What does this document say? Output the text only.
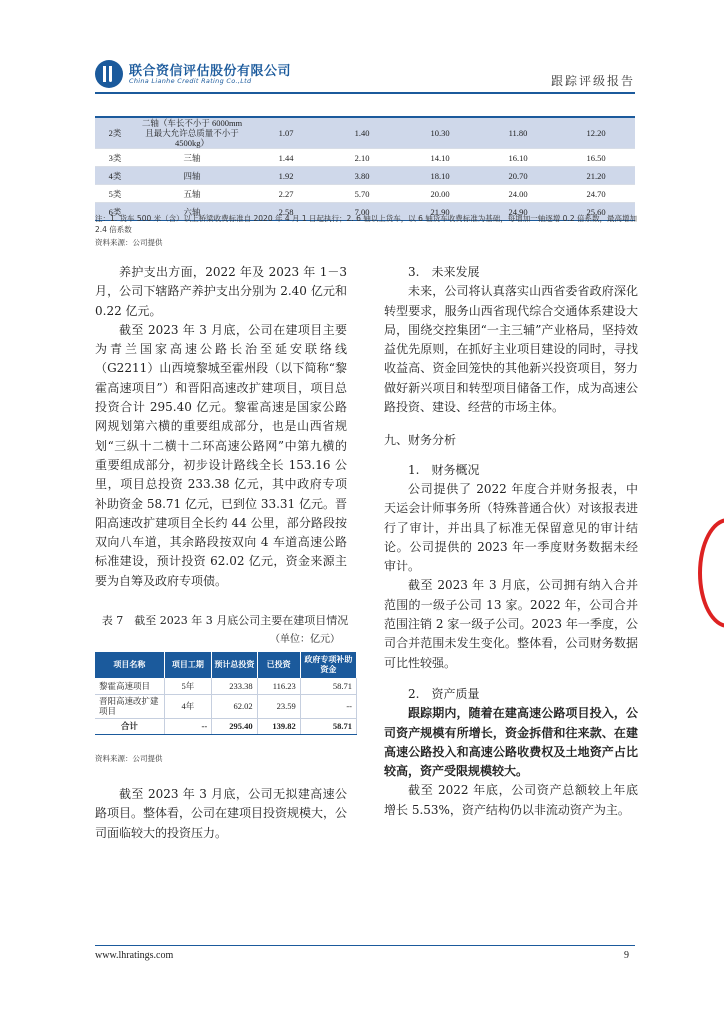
联合资信评估股份有限公司
China Lianhe Credit Rating Co.,Ltd	跟踪评级报告
2类	二轴（车长不小于 6000mm 且最大允许总质量不小于 4500kg）	1.07	1.40	10.30	11.80	12.20
3类	三轴	1.44	2.10	14.10	16.10	16.50
4类	四轴	1.92	3.80	18.10	20.70	21.20
5类	五轴	2.27	5.70	20.00	24.00	24.70
6类	六轴	2.58	7.00	21.90	24.90	25.60
注：1. 货车 500 米（含）以上桥梁收费标准自 2020 年 4 月 1 日起执行；2. 6 轴以上货车，以 6 轴货车收费标准为基础，每增加一轴逐增 0.2 倍系数，最高增加 2.4 倍系数
资料来源：公司提供

养护支出方面，2022 年及 2023 年 1－3 月，公司下辖路产养护支出分别为 2.40 亿元和 0.22 亿元。

截至 2023 年 3 月底，公司在建项目主要为青兰国家高速公路长治至延安联络线（G2211）山西境黎城至霍州段（以下简称“黎霍高速项目”）和晋阳高速改扩建项目，项目总投资合计 295.40 亿元。黎霍高速是国家公路网规划第六横的重要组成部分，也是山西省规划“三纵十二横十二环高速公路网”中第九横的重要组成部分，初步设计路线全长 153.16 公里，项目总投资 233.38 亿元，其中政府专项补助资金 58.71 亿元，已到位 33.31 亿元。晋阳高速改扩建项目全长约 44 公里，部分路段按双向八车道，其余路段按双向 4 车道高速公路标准建设，预计投资 62.02 亿元，资金来源主要为自筹及政府专项债。

表 7　截至 2023 年 3 月底公司主要在建项目情况
（单位：亿元）
项目名称	项目工期	预计总投资	已投资	政府专项补助资金
黎霍高速项目	5年	233.38	116.23	58.71
晋阳高速改扩建项目	4年	62.02	23.59	--
合计	--	295.40	139.82	58.71
资料来源：公司提供

截至 2023 年 3 月底，公司无拟建高速公路项目。整体看，公司在建项目投资规模大，公司面临较大的投资压力。

3.　未来发展

未来，公司将认真落实山西省委省政府深化转型要求，服务山西省现代综合交通体系建设大局，围绕交控集团“一主三辅”产业格局，坚持效益优先原则，在抓好主业项目建设的同时，寻找收益高、资金回笼快的其他新兴投资项目，努力做好新兴项目和转型项目储备工作，成为高速公路投资、建设、经营的市场主体。

九、财务分析
1.　财务概况

公司提供了 2022 年度合并财务报表，中天运会计师事务所（特殊普通合伙）对该报表进行了审计，并出具了标准无保留意见的审计结论。公司提供的 2023 年一季度财务数据未经审计。

截至 2023 年 3 月底，公司拥有纳入合并范围的一级子公司 13 家。2022 年，公司合并范围注销 2 家一级子公司。2023 年一季度，公司合并范围未发生变化。整体看，公司财务数据可比性较强。

2.　资产质量

跟踪期内，随着在建高速公路项目投入，公司资产规模有所增长，资金拆借和往来款、在建高速公路投入和高速公路收费权及土地资产占比较高，资产受限规模较大。

截至 2022 年底，公司资产总额较上年底增长 5.53%，资产结构仍以非流动资产为主。

www.lhratings.com	9
